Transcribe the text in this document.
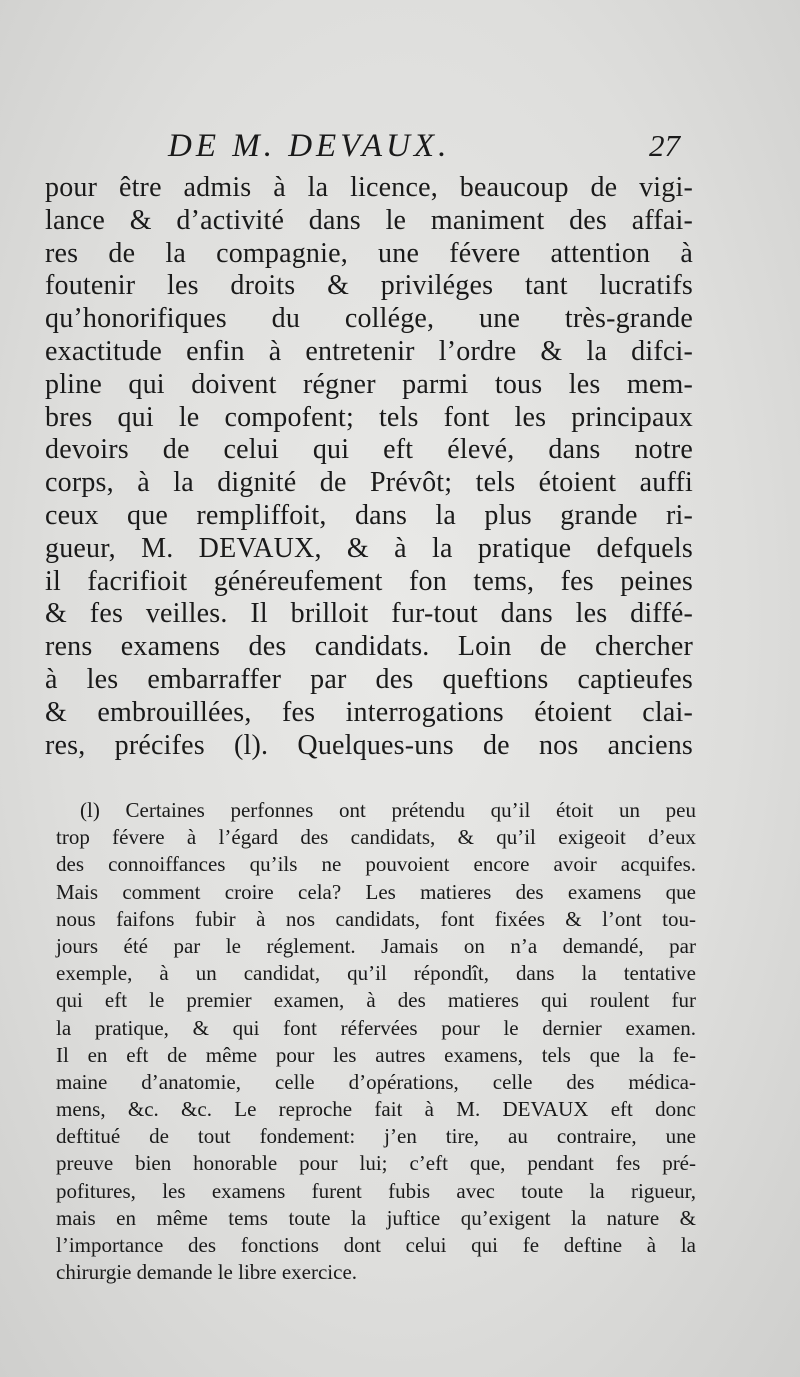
DE M. DEVAUX.	27
pour être admis à la licence, beaucoup de vigi-
lance & d’activité dans le maniment des affai-
res de la compagnie, une févere attention à
foutenir les droits & priviléges tant lucratifs
qu’honorifiques du collége, une très-grande
exactitude enfin à entretenir l’ordre & la difci-
pline qui doivent régner parmi tous les mem-
bres qui le compofent; tels font les principaux
devoirs de celui qui eft élevé, dans notre
corps, à la dignité de Prévôt; tels étoient auffi
ceux que rempliffoit, dans la plus grande ri-
gueur, M. DEVAUX, & à la pratique defquels
il facrifioit généreufement fon tems, fes peines
& fes veilles. Il brilloit fur-tout dans les diffé-
rens examens des candidats. Loin de chercher
à les embarraffer par des queftions captieufes
& embrouillées, fes interrogations étoient clai-
res, précifes (l). Quelques-uns de nos anciens
(l) Certaines perfonnes ont prétendu qu’il étoit un peu
trop févere à l’égard des candidats, & qu’il exigeoit d’eux
des connoiffances qu’ils ne pouvoient encore avoir acquifes.
Mais comment croire cela? Les matieres des examens que
nous faifons fubir à nos candidats, font fixées & l’ont tou-
jours été par le réglement. Jamais on n’a demandé, par
exemple, à un candidat, qu’il répondît, dans la tentative
qui eft le premier examen, à des matieres qui roulent fur
la pratique, & qui font réfervées pour le dernier examen.
Il en eft de même pour les autres examens, tels que la fe-
maine d’anatomie, celle d’opérations, celle des médica-
mens, &c. &c. Le reproche fait à M. DEVAUX eft donc
deftitué de tout fondement: j’en tire, au contraire, une
preuve bien honorable pour lui; c’eft que, pendant fes pré-
pofitures, les examens furent fubis avec toute la rigueur,
mais en même tems toute la juftice qu’exigent la nature &
l’importance des fonctions dont celui qui fe deftine à la
chirurgie demande le libre exercice.
